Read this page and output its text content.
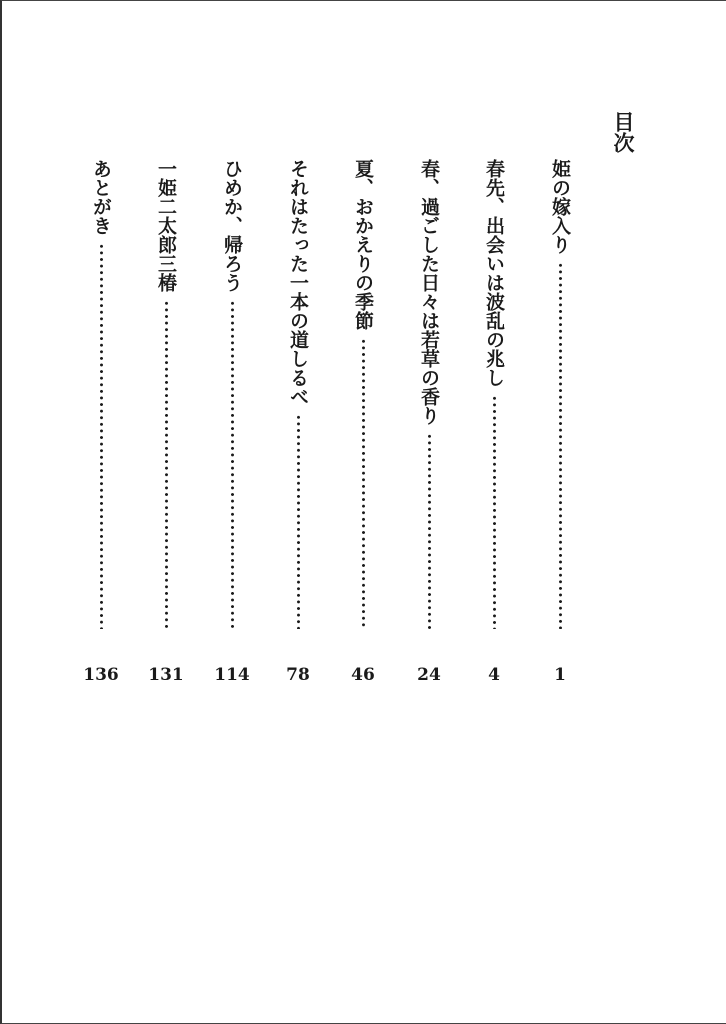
目次
姫の嫁入り
1
春先、出会いは波乱の兆し
4
春、過ごした日々は若草の香り
24
夏、おかえりの季節
46
それはたった一本の道しるべ
78
ひめか、帰ろう
114
一姫二太郎三椿
131
あとがき
136
